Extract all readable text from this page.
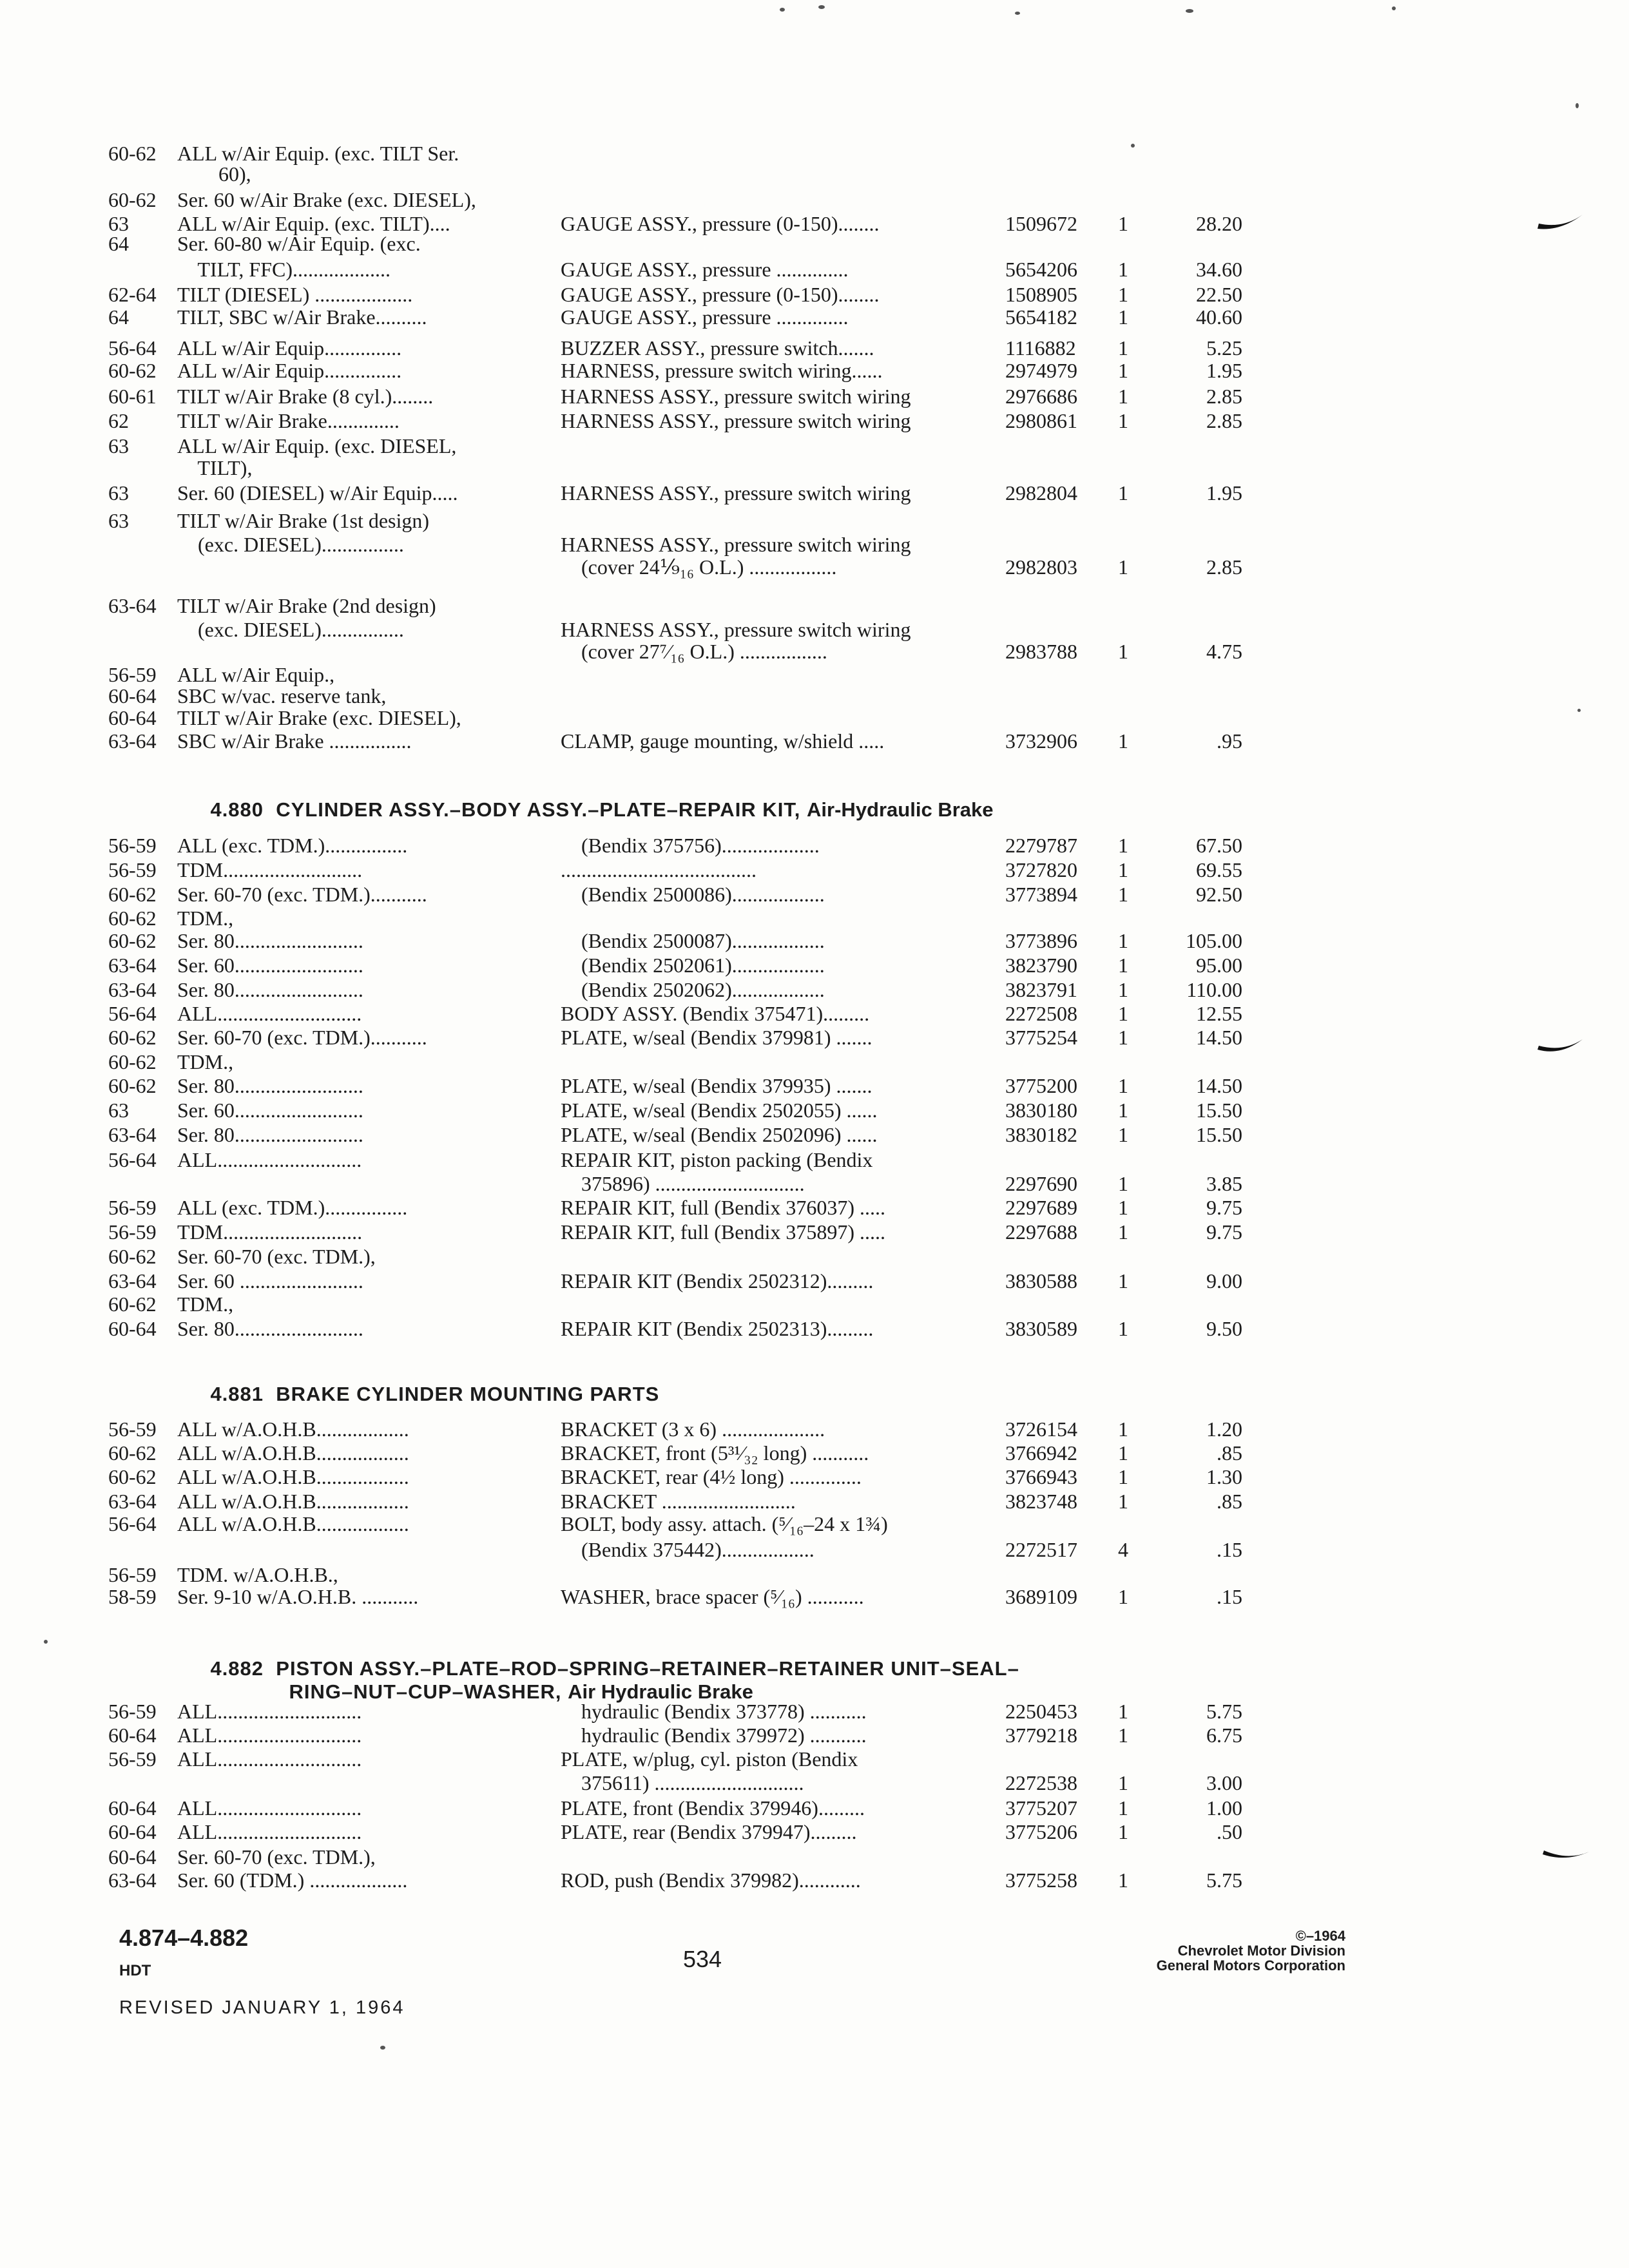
60-62 ALL w/Air Equip. (exc. TILT Ser.
60),
60-62 Ser. 60 w/Air Brake (exc. DIESEL),
63 ALL w/Air Equip. (exc. TILT)....	GAUGE ASSY., pressure (0-150)........	1509672 1	28.20
64 Ser. 60-80 w/Air Equip. (exc.
TILT, FFC)...................	GAUGE ASSY., pressure ..............	5654206 1	34.60
62-64 TILT (DIESEL) ...................	GAUGE ASSY., pressure (0-150)........	1508905 1	22.50
64 TILT, SBC w/Air Brake..........	GAUGE ASSY., pressure ..............	5654182 1	40.60
56-64 ALL w/Air Equip...............	BUZZER ASSY., pressure switch.......	1116882 1	5.25
60-62 ALL w/Air Equip...............	HARNESS, pressure switch wiring......	2974979 1	1.95
60-61 TILT w/Air Brake (8 cyl.)........	HARNESS ASSY., pressure switch wiring	2976686 1	2.85
62 TILT w/Air Brake..............	HARNESS ASSY., pressure switch wiring	2980861 1	2.85
63 ALL w/Air Equip. (exc. DIESEL,
TILT),
63 Ser. 60 (DIESEL) w/Air Equip.....	HARNESS ASSY., pressure switch wiring	2982804 1	1.95
63 TILT w/Air Brake (1st design)
(exc. DIESEL)................	HARNESS ASSY., pressure switch wiring
(cover 24⅑₁₆ O.L.) .................	2982803 1	2.85
63-64 TILT w/Air Brake (2nd design)
(exc. DIESEL)................	HARNESS ASSY., pressure switch wiring
(cover 27⁷⁄₁₆ O.L.) .................	2983788 1	4.75
56-59 ALL w/Air Equip.,
60-64 SBC w/vac. reserve tank,
60-64 TILT w/Air Brake (exc. DIESEL),
63-64 SBC w/Air Brake ................	CLAMP, gauge mounting, w/shield .....	3732906 1	.95
56-59 ALL (exc. TDM.)................	(Bendix 375756)...................	2279787 1	67.50
56-59 TDM...........................	......................................	3727820 1	69.55
60-62 Ser. 60-70 (exc. TDM.)...........	(Bendix 2500086)..................	3773894 1	92.50
60-62 TDM.,
60-62 Ser. 80.........................	(Bendix 2500087)..................	3773896 1	105.00
63-64 Ser. 60.........................	(Bendix 2502061)..................	3823790 1	95.00
63-64 Ser. 80.........................	(Bendix 2502062)..................	3823791 1	110.00
56-64 ALL............................	BODY ASSY. (Bendix 375471).........	2272508 1	12.55
60-62 Ser. 60-70 (exc. TDM.)...........	PLATE, w/seal (Bendix 379981) .......	3775254 1	14.50
60-62 TDM.,
60-62 Ser. 80.........................	PLATE, w/seal (Bendix 379935) .......	3775200 1	14.50
63 Ser. 60.........................	PLATE, w/seal (Bendix 2502055) ......	3830180 1	15.50
63-64 Ser. 80.........................	PLATE, w/seal (Bendix 2502096) ......	3830182 1	15.50
56-64 ALL............................	REPAIR KIT, piston packing (Bendix
375896) .............................	2297690 1	3.85
56-59 ALL (exc. TDM.)................	REPAIR KIT, full (Bendix 376037) .....	2297689 1	9.75
56-59 TDM...........................	REPAIR KIT, full (Bendix 375897) .....	2297688 1	9.75
60-62 Ser. 60-70 (exc. TDM.),
63-64 Ser. 60 ........................	REPAIR KIT (Bendix 2502312).........	3830588 1	9.00
60-62 TDM.,
60-64 Ser. 80.........................	REPAIR KIT (Bendix 2502313).........	3830589 1	9.50
56-59 ALL w/A.O.H.B..................	BRACKET (3 x 6) ....................	3726154 1	1.20
60-62 ALL w/A.O.H.B..................	BRACKET, front (5³¹⁄₃₂ long) ...........	3766942 1	.85
60-62 ALL w/A.O.H.B..................	BRACKET, rear (4½ long) ..............	3766943 1	1.30
63-64 ALL w/A.O.H.B..................	BRACKET ..........................	3823748 1	.85
56-64 ALL w/A.O.H.B..................	BOLT, body assy. attach. (⁵⁄₁₆–24 x 1¾)
(Bendix 375442)..................	2272517 4	.15
56-59 TDM. w/A.O.H.B.,
58-59 Ser. 9-10 w/A.O.H.B. ...........	WASHER, brace spacer (⁵⁄₁₆) ...........	3689109 1	.15
56-59 ALL............................	hydraulic (Bendix 373778) ...........	2250453 1	5.75
60-64 ALL............................	hydraulic (Bendix 379972) ...........	3779218 1	6.75
56-59 ALL............................	PLATE, w/plug, cyl. piston (Bendix
375611) .............................	2272538 1	3.00
60-64 ALL............................	PLATE, front (Bendix 379946).........	3775207 1	1.00
60-64 ALL............................	PLATE, rear (Bendix 379947).........	3775206 1	.50
60-64 Ser. 60-70 (exc. TDM.),
63-64 Ser. 60 (TDM.) ...................	ROD, push (Bendix 379982)............	3775258 1	5.75

4.880 CYLINDER ASSY.–BODY ASSY.–PLATE–REPAIR KIT, Air-Hydraulic Brake

4.881 BRAKE CYLINDER MOUNTING PARTS

4.882 PISTON ASSY.–PLATE–ROD–SPRING–RETAINER–RETAINER UNIT–SEAL–

RING–NUT–CUP–WASHER, Air Hydraulic Brake

4.874–4.882
HDT	534
©–1964
Chevrolet Motor Division
General Motors Corporation
REVISED JANUARY 1, 1964
